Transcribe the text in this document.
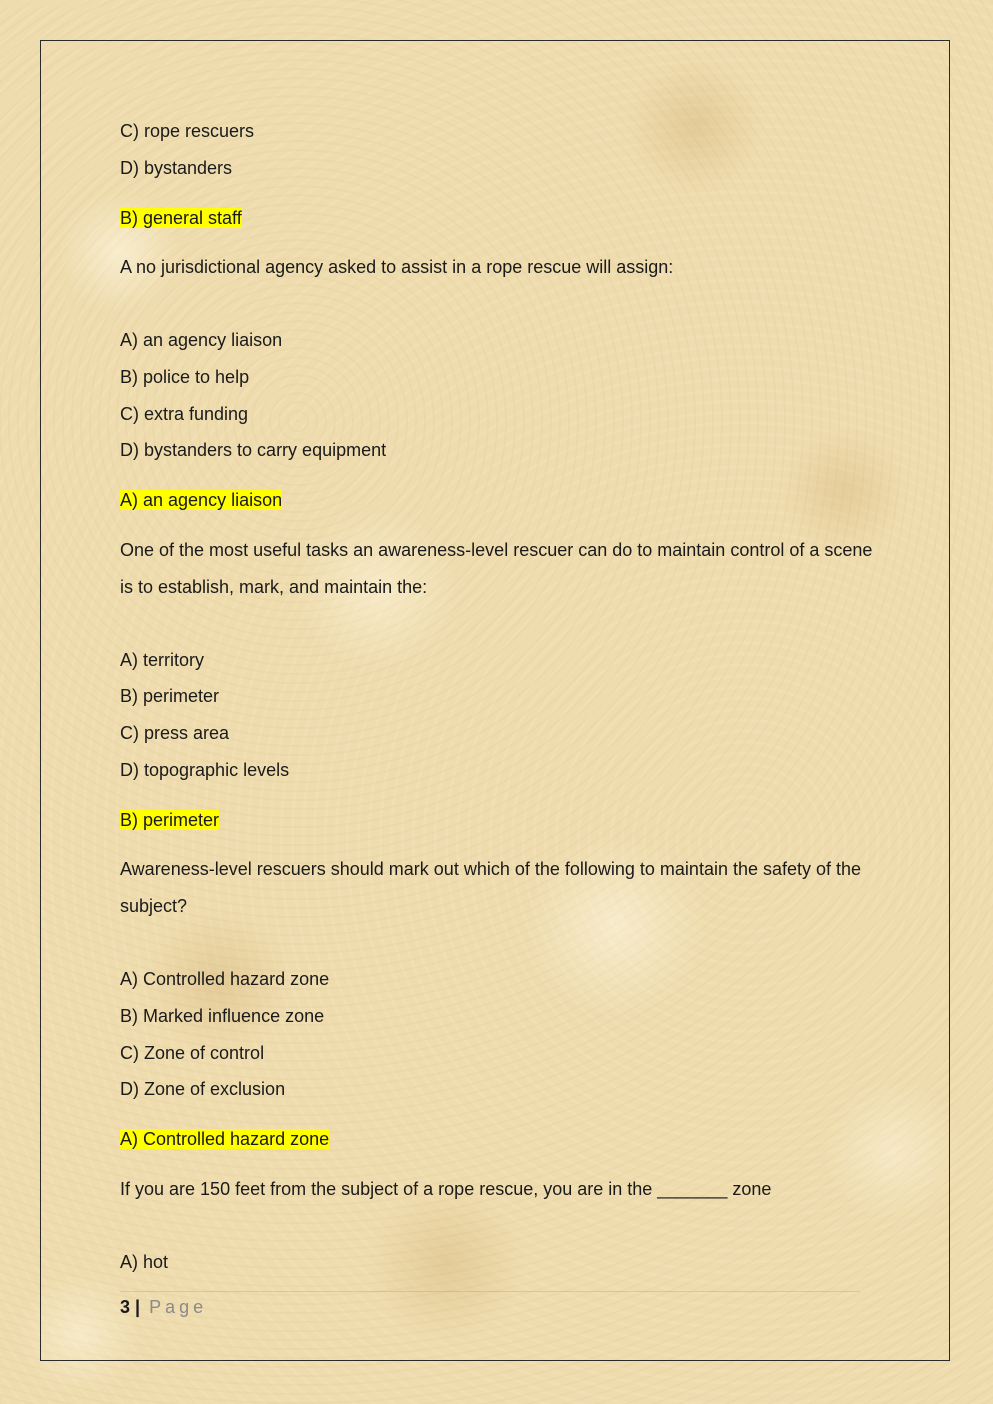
C) rope rescuers

D) bystanders

B) general staff

A no jurisdictional agency asked to assist in a rope rescue will assign:

A) an agency liaison

B) police to help

C) extra funding

D) bystanders to carry equipment

A) an agency liaison

One of the most useful tasks an awareness-level rescuer can do to maintain control of a scene is to establish, mark, and maintain the:

A) territory

B) perimeter

C) press area

D) topographic levels

B) perimeter

Awareness-level rescuers should mark out which of the following to maintain the safety of the subject?

A) Controlled hazard zone

B) Marked influence zone

C) Zone of control

D) Zone of exclusion

A) Controlled hazard zone

If you are 150 feet from the subject of a rope rescue, you are in the _______ zone

A) hot

3 | Page
